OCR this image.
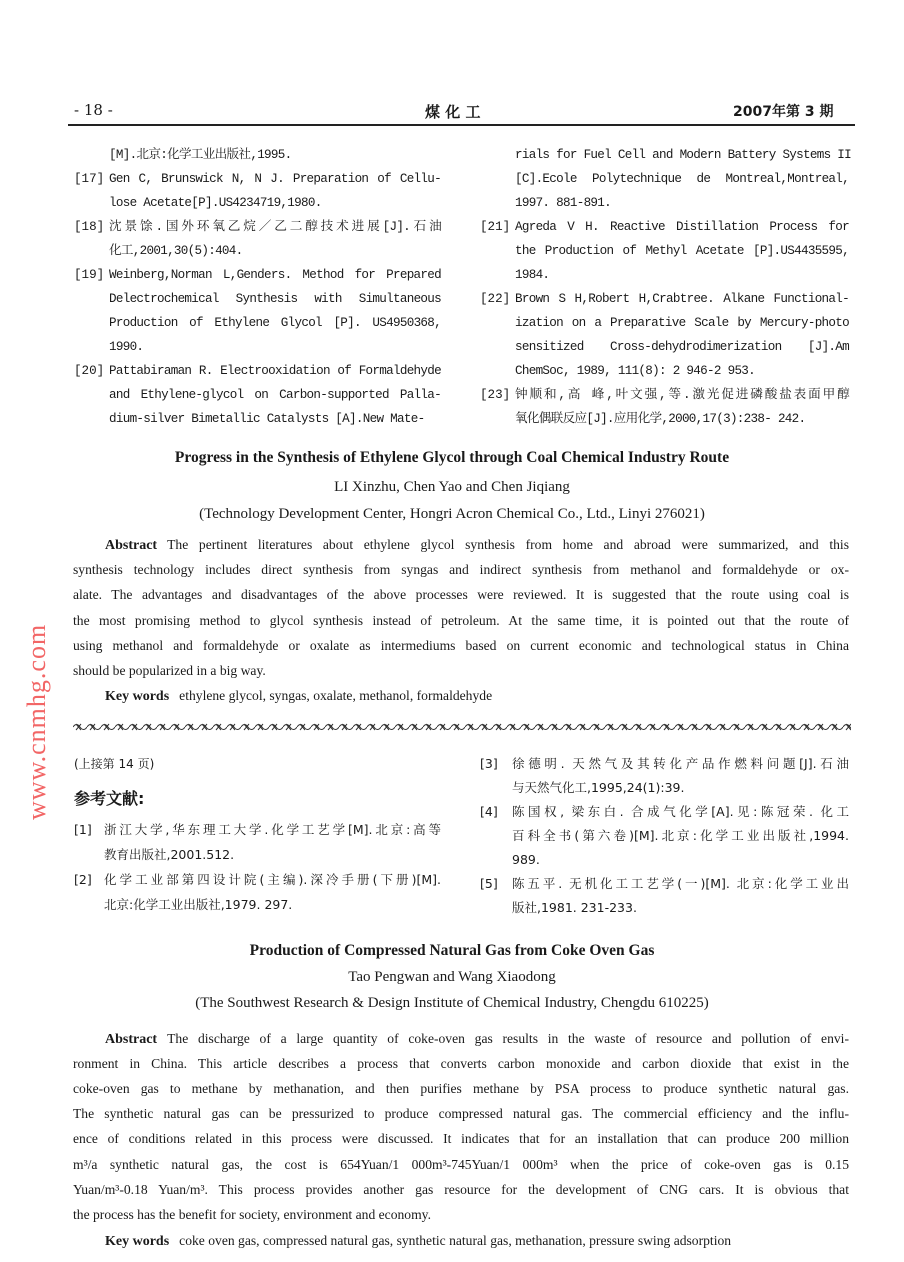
- 18 -	煤 化 工	2007年第 3 期
[M].北京:化学工业出版社,1995.
[17] Gen C, Brunswick N, N J. Preparation of Cellu-
lose Acetate[P].US4234719,1980.
[18] 沈景馀.国外环氧乙烷／乙二醇技术进展[J].石油
化工,2001,30(5):404.
[19] Weinberg,Norman L,Genders. Method for Prepared
Delectrochemical Synthesis with Simultaneous
Production of Ethylene Glycol [P]. US4950368,
1990.
[20] Pattabiraman R. Electrooxidation of Formaldehyde
and Ethylene-glycol on Carbon-supported Palla-
dium-silver Bimetallic Catalysts [A].New Mate-
rials for Fuel Cell and Modern Battery Systems II
[C].Ecole Polytechnique de Montreal,Montreal,
1997. 881-891.
[21] Agreda V H. Reactive Distillation Process for
the Production of Methyl Acetate [P].US4435595,
1984.
[22] Brown S H,Robert H,Crabtree. Alkane Functional-
ization on a Preparative Scale by Mercury-photo
sensitized Cross-dehydrodimerization [J].Am
ChemSoc, 1989, 111(8): 2 946-2 953.
[23] 钟顺和,高 峰,叶文强,等.激光促进磷酸盐表面甲醇
氧化偶联反应[J].应用化学,2000,17(3):238- 242.
Progress in the Synthesis of Ethylene Glycol through Coal Chemical Industry Route
LI Xinzhu, Chen Yao and Chen Jiqiang
(Technology Development Center, Hongri Acron Chemical Co., Ltd., Linyi 276021)
Abstract The pertinent literatures about ethylene glycol synthesis from home and abroad were summarized, and this
synthesis technology includes direct synthesis from syngas and indirect synthesis from methanol and formaldehyde or ox-
alate. The advantages and disadvantages of the above processes were reviewed. It is suggested that the route using coal is
the most promising method to glycol synthesis instead of petroleum. At the same time, it is pointed out that the route of
using methanol and formaldehyde or oxalate as intermediums based on current economic and technological status in China
should be popularized in a big way.
Key words ethylene glycol, syngas, oxalate, methanol, formaldehyde
(上接第 14 页)
参考文献:
[1] 浙江大学,华东理工大学.化学工艺学[M].北京:高等
教育出版社,2001.512.
[2] 化学工业部第四设计院(主编).深冷手册(下册)[M].
北京:化学工业出版社,1979. 297.
[3] 徐德明. 天然气及其转化产品作燃料问题[J].石油
与天然气化工,1995,24(1):39.
[4] 陈国权, 梁东白. 合成气化学[A].见:陈冠荣. 化工
百科全书(第六卷)[M].北京:化学工业出版社,1994.
989.
[5] 陈五平. 无机化工工艺学(一)[M]. 北京:化学工业出
版社,1981. 231-233.
Production of Compressed Natural Gas from Coke Oven Gas
Tao Pengwan and Wang Xiaodong
(The Southwest Research & Design Institute of Chemical Industry, Chengdu 610225)
Abstract The discharge of a large quantity of coke-oven gas results in the waste of resource and pollution of envi-
ronment in China. This article describes a process that converts carbon monoxide and carbon dioxide that exist in the
coke-oven gas to methane by methanation, and then purifies methane by PSA process to produce synthetic natural gas.
The synthetic natural gas can be pressurized to produce compressed natural gas. The commercial efficiency and the influ-
ence of conditions related in this process were discussed. It indicates that for an installation that can produce 200 million
m³/a synthetic natural gas, the cost is 654Yuan/1 000m³-745Yuan/1 000m³ when the price of coke-oven gas is 0.15
Yuan/m³-0.18 Yuan/m³. This process provides another gas resource for the development of CNG cars. It is obvious that
the process has the benefit for society, environment and economy.
Key words coke oven gas, compressed natural gas, synthetic natural gas, methanation, pressure swing adsorption
www.cnmhg.com
